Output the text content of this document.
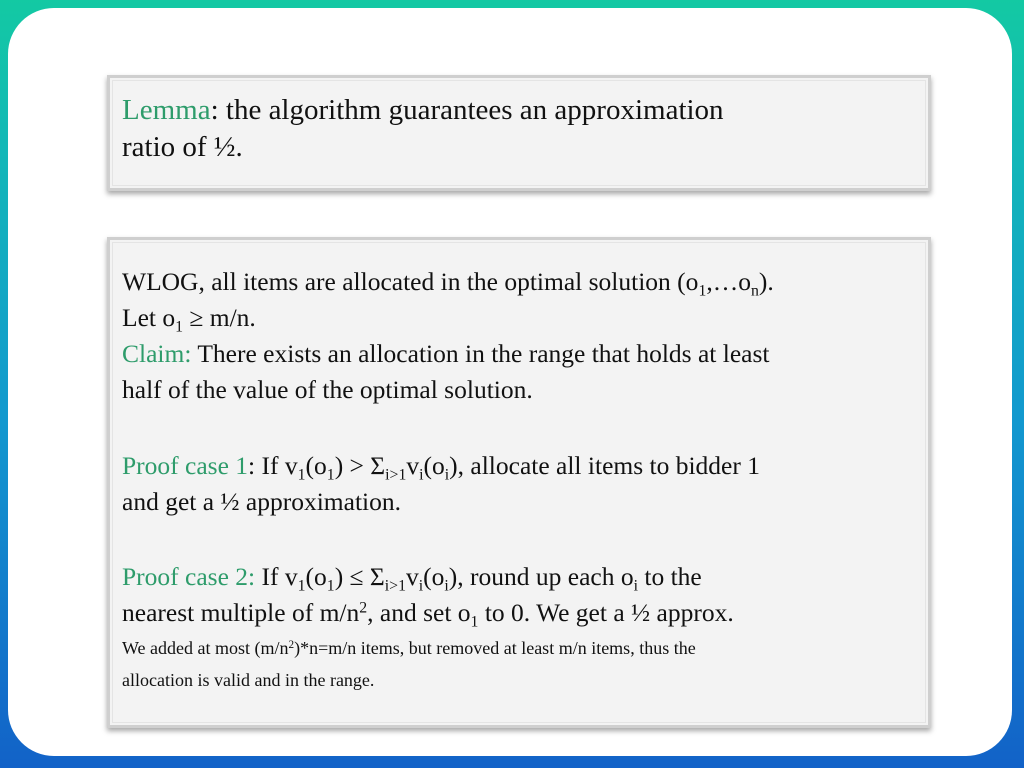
Lemma: the algorithm guarantees an approximation
ratio of ½.
WLOG, all items are allocated in the optimal solution $(o_1,\dots o_n)$.
Let $o_1 \ge m/n$.
Claim: There exists an allocation in the range that holds at least
half of the value of the optimal solution.
Proof case 1: If $v_1(o_1) > \Sigma_{i>1}v_i(o_i)$, allocate all items to bidder 1
and get a ½ approximation.
Proof case 2: If $v_1(o_1) \le \Sigma_{i>1}v_i(o_i)$, round up each $o_i$ to the
nearest multiple of $m/n^2$, and set $o_1$ to 0. We get a ½ approx.
We added at most $(m/n^2)*n=m/n$ items, but removed at least m/n items, thus the
allocation is valid and in the range.
